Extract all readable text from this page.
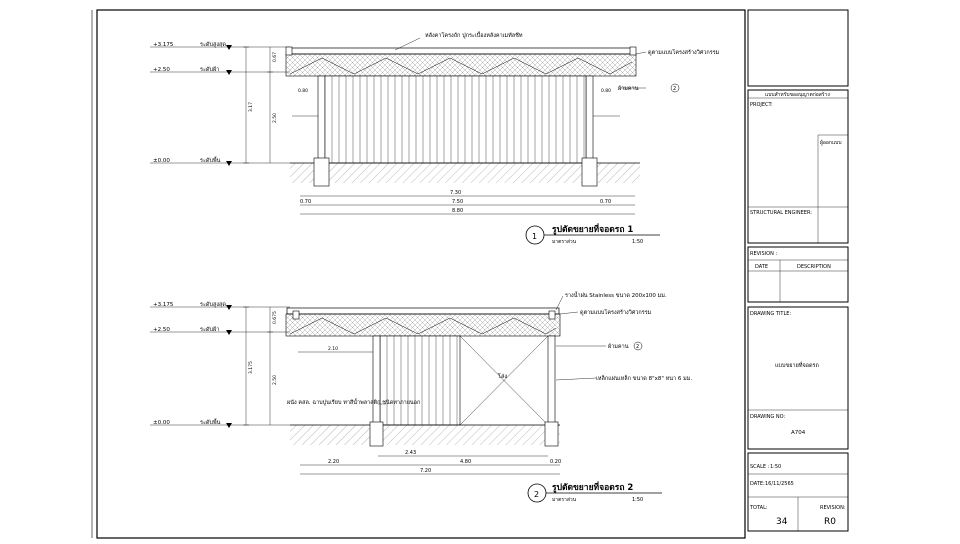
+3.175	ระดับสูงสุด
+2.50	ระดับฝ้า
±0.00	ระดับพื้น
0.67
3.17
2.50
0.80	0.80
หลังคาโครงถัก ปูกระเบื้องหลังคาเมทัลชีท
ดูตามแบบโครงสร้างวิศวกรรม
ผ้ามคาน	2
7.30
0.70	7.50	0.70
8.80
1
รูปตัดขยายที่จอดรถ 1
มาตราส่วน	1:50
+3.175	ระดับสูงสุด
+2.50	ระดับฝ้า
±0.00	ระดับพื้น
0.675
3.175
2.50	โล่ง
2.10
รางน้ำฝน Stainless ขนาด 200x100 มม.
ดูตามแบบโครงสร้างวิศวกรรม
ผ้ามคาน 2
เหล็กแผ่นเหล็ก ขนาด 8"x8" หนา 6 มม.
ผนัง คสล. ฉาบปูนเรียบ ทาสีน้ำพลาสติก ชนิดทาภายนอก
2.43
2.20	4.80	0.20
7.20
2
รูปตัดขยายที่จอดรถ 2
มาตราส่วน	1:50
แบบสำหรับขออนุญาตก่อสร้าง
PROJECT:
ผู้ออกแบบ
STRUCTURAL ENGINEER:
REVISION :
DATE	DESCRIPTION
DRAWING TITLE:
แบบขยายที่จอดรถ
DRAWING NO:
A704
SCALE : 1:50
DATE: 16/11/2565
TOTAL:
34
REVISION:
R0
